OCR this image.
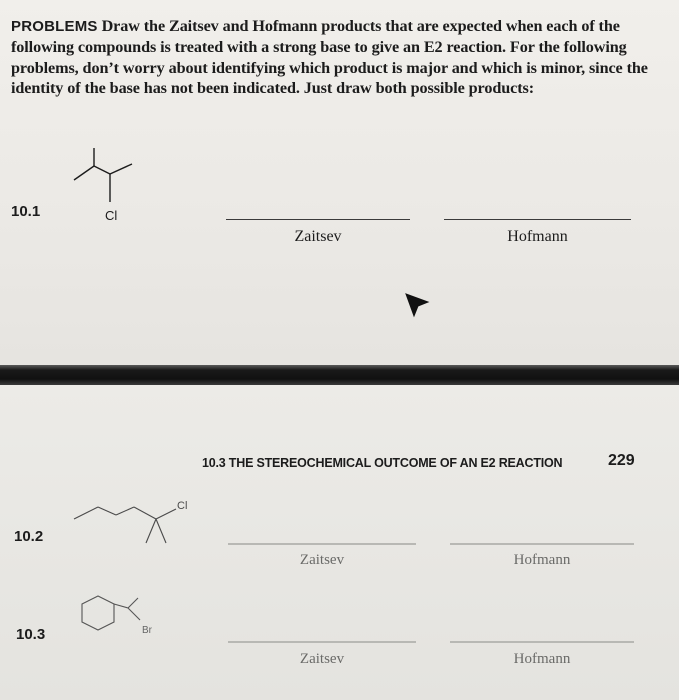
PROBLEMS Draw the Zaitsev and Hofmann products that are expected when each of the following compounds is treated with a strong base to give an E2 reaction. For the following problems, don’t worry about identifying which product is major and which is minor, since the identity of the base has not been indicated. Just draw both possible products:
10.1	Cl
Zaitsev	Hofmann
10.3 THE STEREOCHEMICAL OUTCOME OF AN E2 REACTION	229
10.2
Cl
Zaitsev	Hofmann
10.3	Br
Zaitsev	Hofmann
